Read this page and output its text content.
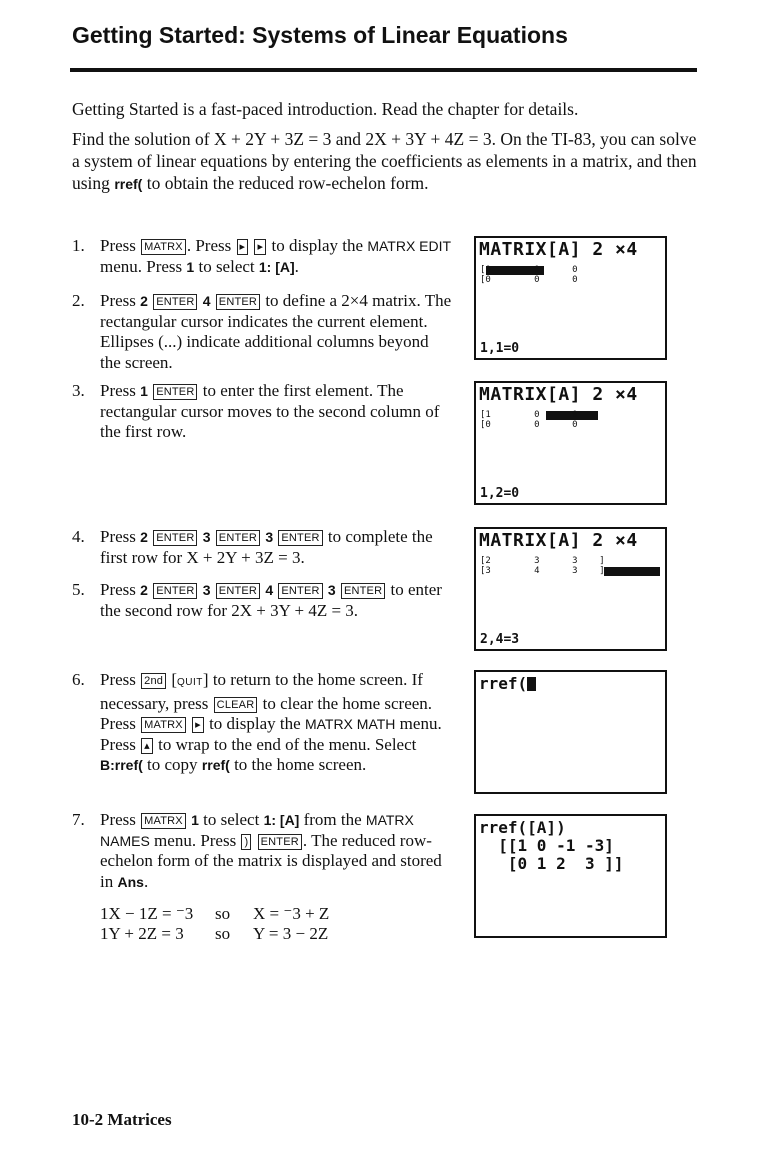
Getting Started: Systems of Linear Equations

Getting Started is a fast-paced introduction. Read the chapter for details.

Find the solution of X + 2Y + 3Z = 3 and 2X + 3Y + 4Z = 3. On the TI-83, you can solve a system of linear equations by entering the coefficients as elements in a matrix, and then using rref( to obtain the reduced row-echelon form.

1. Press MATRX . Press ▸ ▸ to display the MATRX EDIT menu. Press 1 to select 1: [A].
2. Press 2 ENTER 4 ENTER to define a 2×4 matrix. The rectangular cursor indicates the current element. Ellipses (...) indicate additional columns beyond the screen.
3. Press 1 ENTER to enter the first element. The rectangular cursor moves to the second column of the first row.
4. Press 2 ENTER 3 ENTER 3 ENTER to complete the first row for X + 2Y + 3Z = 3.
5. Press 2 ENTER 3 ENTER 4 ENTER 3 ENTER to enter the second row for 2X + 3Y + 4Z = 3.
6. Press 2nd [QUIT] to return to the home screen. If necessary, press CLEAR to clear the home screen. Press MATRX ▸ to display the MATRX MATH menu. Press ▴ to wrap to the end of the menu. Select B:rref( to copy rref( to the home screen.
7. Press MATRX 1 to select 1: [A] from the MATRX NAMES menu. Press ) ENTER . The reduced row-echelon form of the matrix is displayed and stored in Ans.
1X − 1Z = ⁻3	so	X = ⁻3 + Z
1Y + 2Z = 3	so	Y = 3 − 2Z
MATRIX[A] 2 ×4
[0        0      0
[0        0      0
1,1=0
MATRIX[A] 2 ×4
[1        0      0
[0        0      0
1,2=0
MATRIX[A] 2 ×4
[2        3      3    ]
[3        4      3    ]
2,4=3
rref(
rref([A])
[[1 0 -1 -3]
[0 1 2  3 ]]
10-2 Matrices
